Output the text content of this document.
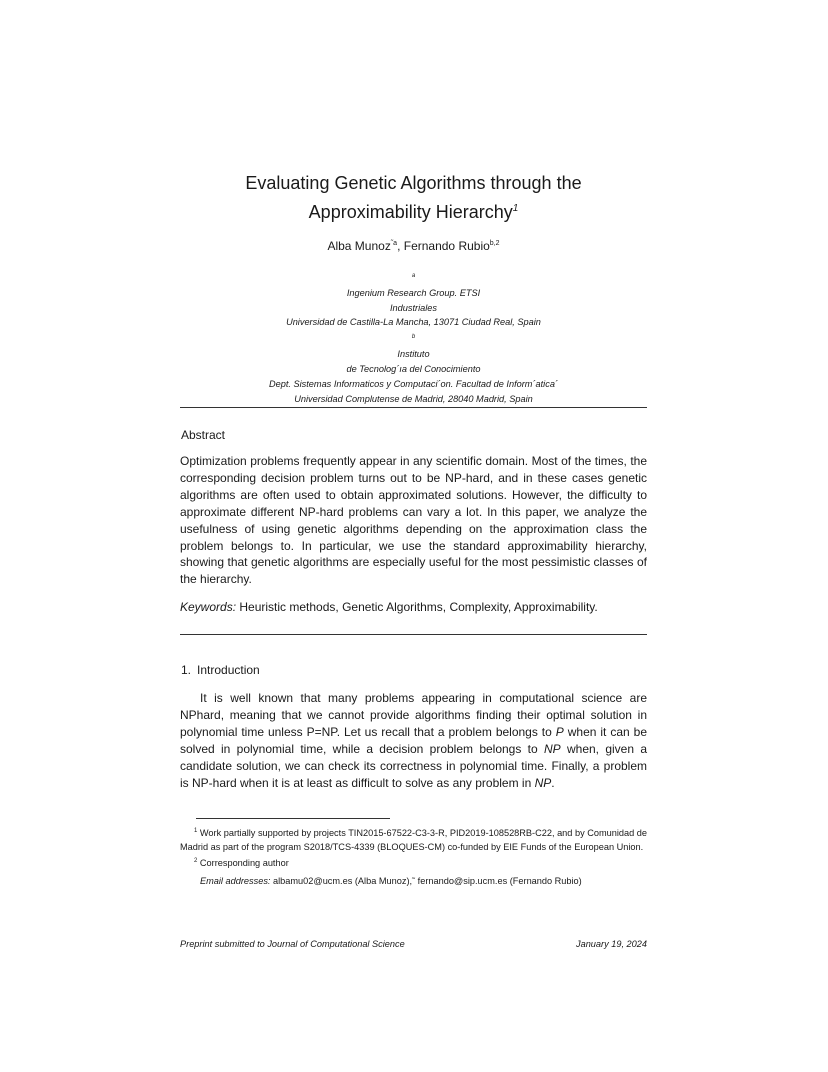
Evaluating Genetic Algorithms through the
Approximability Hierarchy$^1$
Alba Munoz$^{˜a}$, Fernando Rubio$^{b,2}$
$^a$
Ingenium Research Group. ETSI
Industriales
Universidad de Castilla-La Mancha, 13071 Ciudad Real, Spain
$^b$
Instituto
de Tecnolog´ıa del Conocimiento
Dept. Sistemas Informaticos y Computaci´on. Facultad de Inform´atica´
Universidad Complutense de Madrid, 28040 Madrid, Spain
Abstract
Optimization problems frequently appear in any scientific domain. Most of the times, the corresponding decision problem turns out to be NP-hard, and in these cases genetic algorithms are often used to obtain approximated solutions. However, the difficulty to approximate different NP-hard problems can vary a lot. In this paper, we analyze the usefulness of using genetic algorithms depending on the approximation class the problem belongs to. In particular, we use the standard approximability hierarchy, showing that genetic algorithms are especially useful for the most pessimistic classes of the hierarchy.
Keywords: Heuristic methods, Genetic Algorithms, Complexity, Approximability.
1. Introduction
It is well known that many problems appearing in computational science are NPhard, meaning that we cannot provide algorithms finding their optimal solution in polynomial time unless P=NP. Let us recall that a problem belongs to P when it can be solved in polynomial time, while a decision problem belongs to NP when, given a candidate solution, we can check its correctness in polynomial time. Finally, a problem is NP-hard when it is at least as difficult to solve as any problem in NP.
$^1$ Work partially supported by projects TIN2015-67522-C3-3-R, PID2019-108528RB-C22, and by Comunidad de Madrid as part of the program S2018/TCS-4339 (BLOQUES-CM) co-funded by EIE Funds of the European Union.
$^2$ Corresponding author
Email addresses: albamu02@ucm.es (Alba Munoz),˜ fernando@sip.ucm.es (Fernando Rubio)
Preprint submitted to Journal of Computational Science	January 19, 2024
